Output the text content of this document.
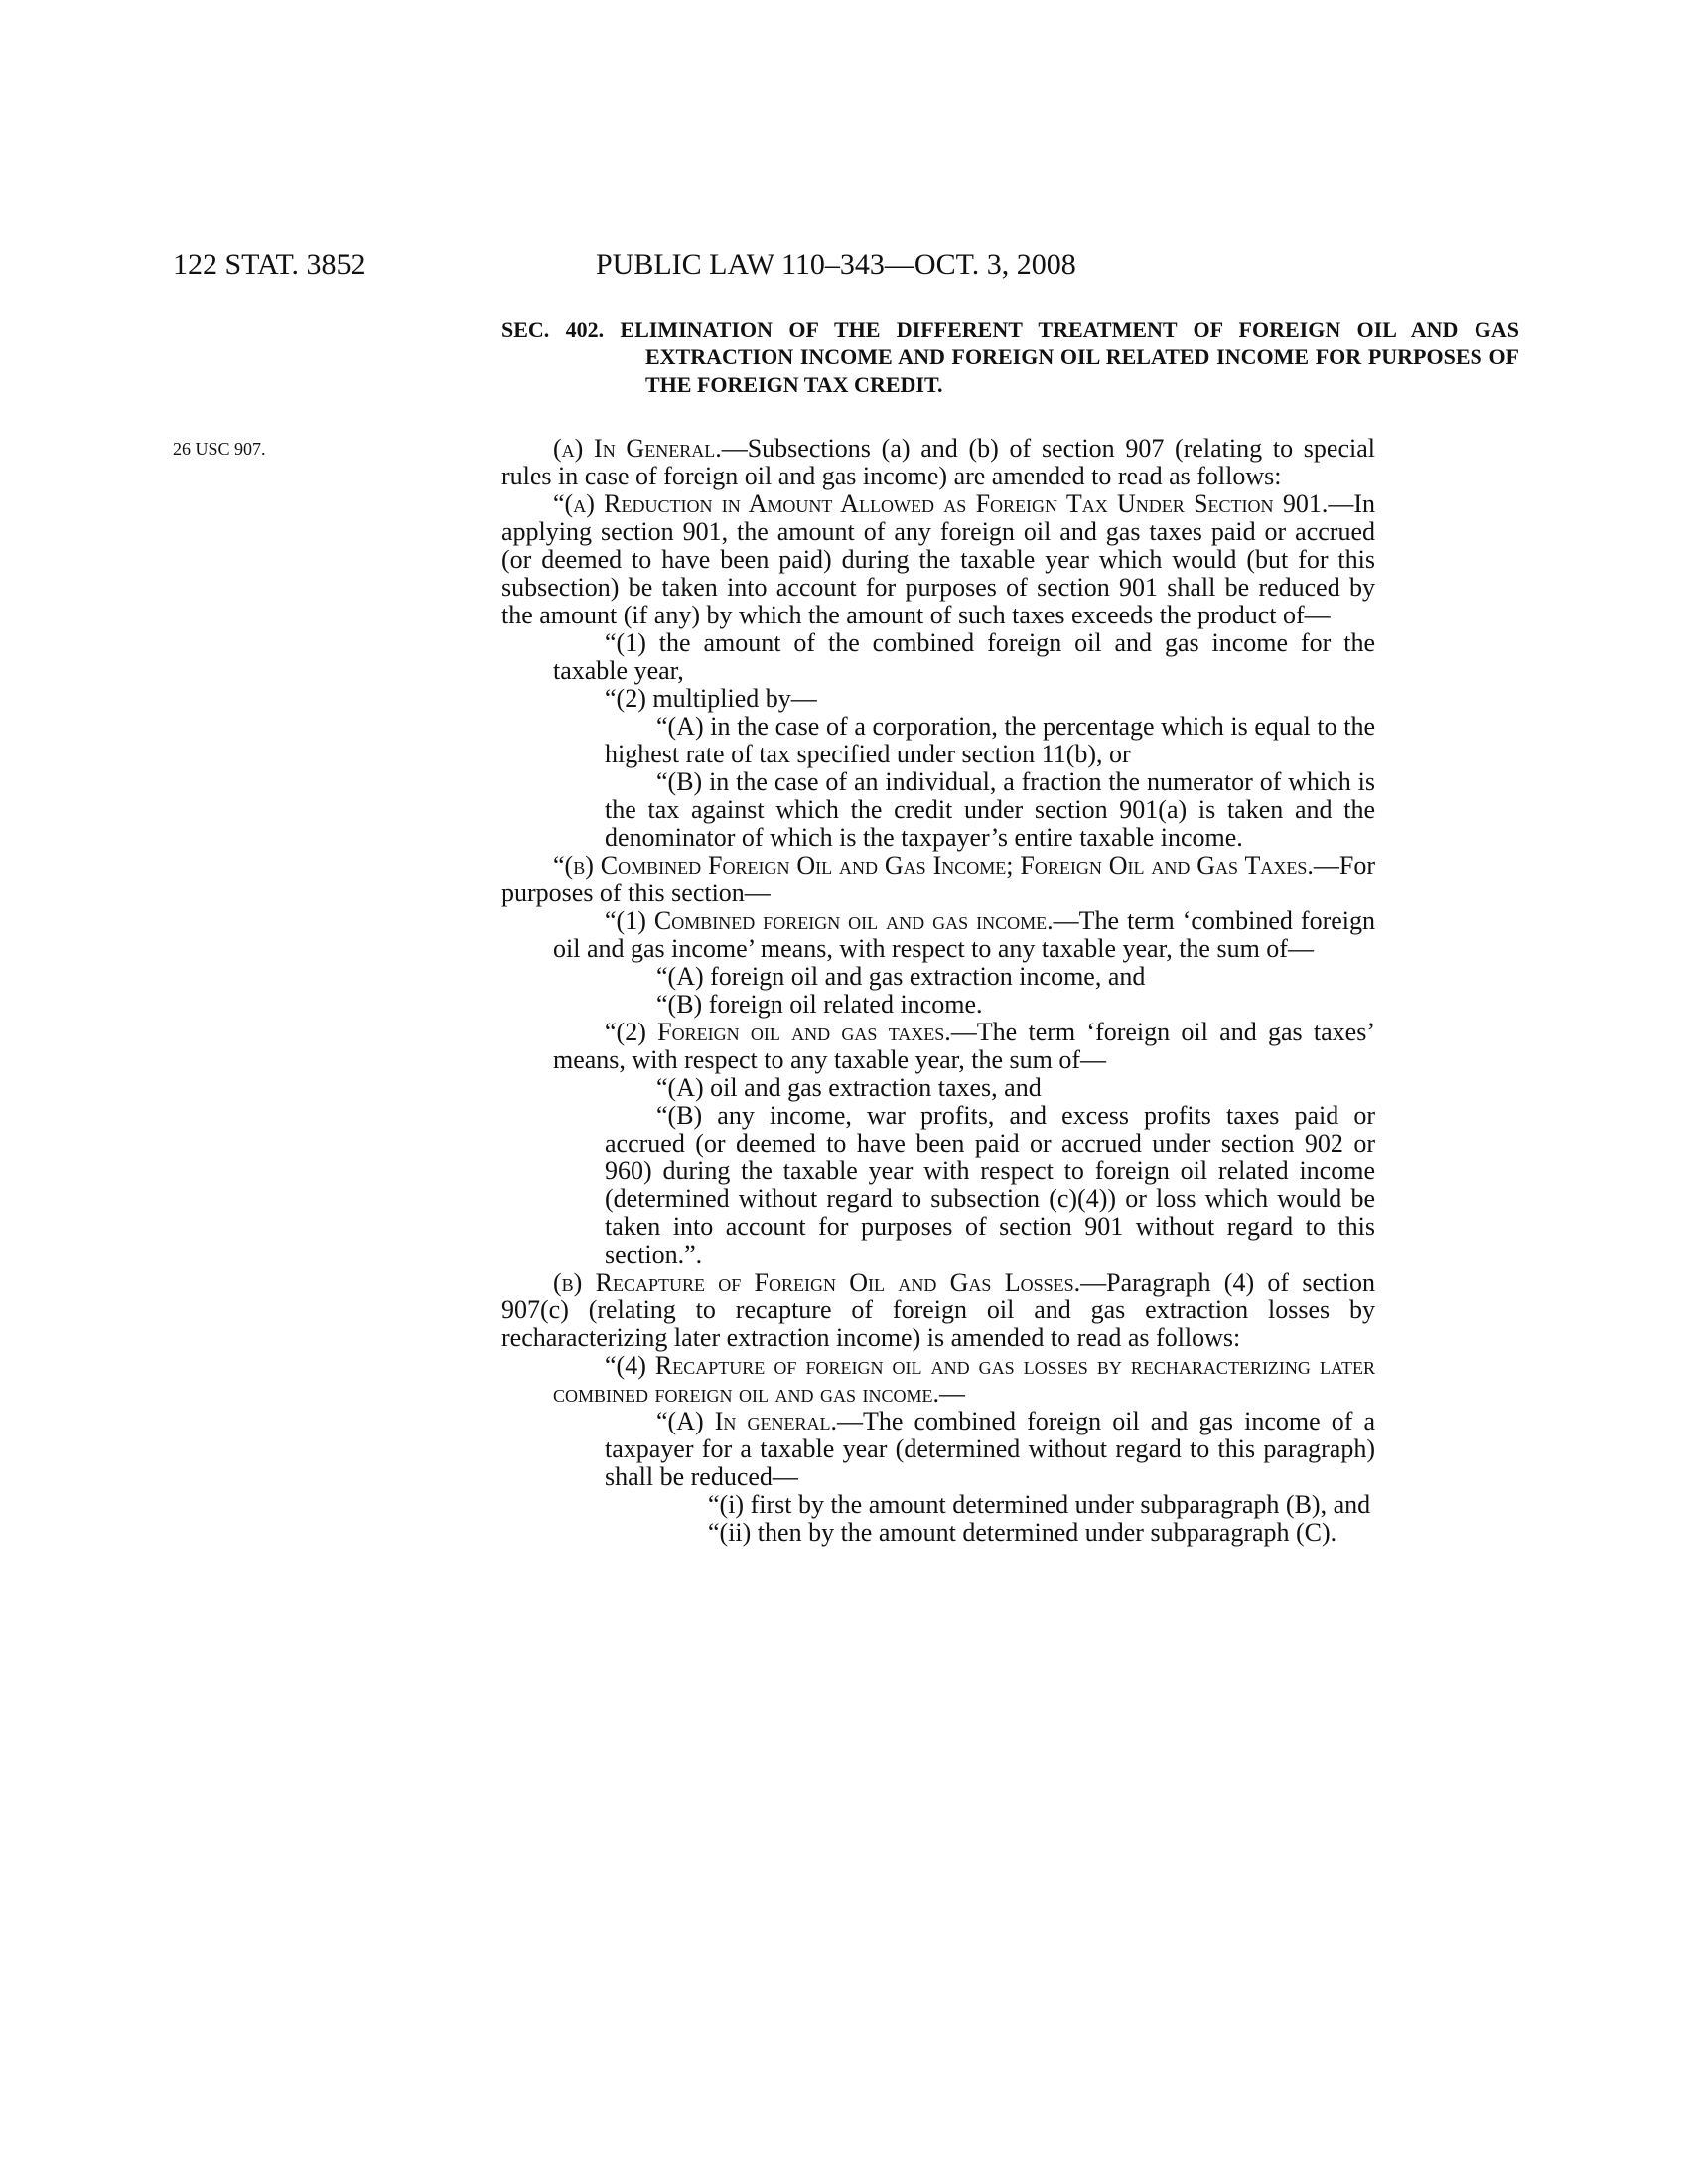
122 STAT. 3852	PUBLIC LAW 110–343—OCT. 3, 2008
SEC. 402. ELIMINATION OF THE DIFFERENT TREATMENT OF FOREIGN OIL AND GAS EXTRACTION INCOME AND FOREIGN OIL RELATED INCOME FOR PURPOSES OF THE FOREIGN TAX CREDIT.
26 USC 907.	(a) In General.—Subsections (a) and (b) of section 907 (relating to special rules in case of foreign oil and gas income) are amended to read as follows:

“(a) Reduction in Amount Allowed as Foreign Tax Under Section 901.—In applying section 901, the amount of any foreign oil and gas taxes paid or accrued (or deemed to have been paid) during the taxable year which would (but for this subsection) be taken into account for purposes of section 901 shall be reduced by the amount (if any) by which the amount of such taxes exceeds the product of—

“(1) the amount of the combined foreign oil and gas income for the taxable year,

“(2) multiplied by—

“(A) in the case of a corporation, the percentage which is equal to the highest rate of tax specified under section 11(b), or

“(B) in the case of an individual, a fraction the numerator of which is the tax against which the credit under section 901(a) is taken and the denominator of which is the taxpayer’s entire taxable income.

“(b) Combined Foreign Oil and Gas Income; Foreign Oil and Gas Taxes.—For purposes of this section—

“(1) Combined foreign oil and gas income.—The term ‘combined foreign oil and gas income’ means, with respect to any taxable year, the sum of—

“(A) foreign oil and gas extraction income, and

“(B) foreign oil related income.

“(2) Foreign oil and gas taxes.—The term ‘foreign oil and gas taxes’ means, with respect to any taxable year, the sum of—

“(A) oil and gas extraction taxes, and

“(B) any income, war profits, and excess profits taxes paid or accrued (or deemed to have been paid or accrued under section 902 or 960) during the taxable year with respect to foreign oil related income (determined without regard to subsection (c)(4)) or loss which would be taken into account for purposes of section 901 without regard to this section.”.

(b) Recapture of Foreign Oil and Gas Losses.—Paragraph (4) of section 907(c) (relating to recapture of foreign oil and gas extraction losses by recharacterizing later extraction income) is amended to read as follows:

“(4) Recapture of foreign oil and gas losses by recharacterizing later combined foreign oil and gas income.—

“(A) In general.—The combined foreign oil and gas income of a taxpayer for a taxable year (determined without regard to this paragraph) shall be reduced—

“(i) first by the amount determined under subparagraph (B), and

“(ii) then by the amount determined under subparagraph (C).
